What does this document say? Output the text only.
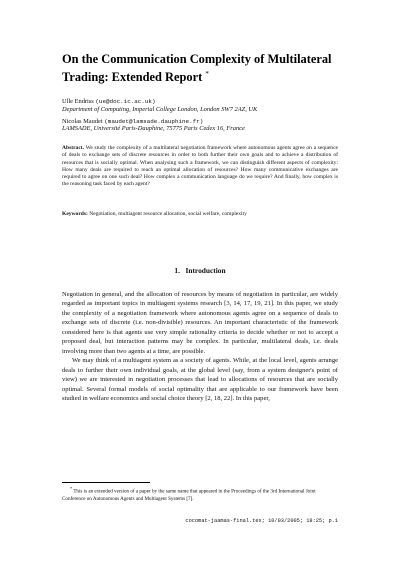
On the Communication Complexity of Multilateral Trading: Extended Report *
Ulle Endriss (ue@doc.ic.ac.uk)
Department of Computing, Imperial College London, London SW7 2AZ, UK
Nicolas Maudet (maudet@lamsade.dauphine.fr)
LAMSADE, Université Paris-Dauphine, 75775 Paris Cedex 16, France
Abstract. We study the complexity of a multilateral negotiation framework where autonomous agents agree on a sequence of deals to exchange sets of discrete resources in order to both further their own goals and to achieve a distribution of resources that is socially optimal. When analysing such a framework, we can distinguish different aspects of complexity: How many deals are required to reach an optimal allocation of resources? How many communicative exchanges are required to agree on one such deal? How complex a communication language do we require? And finally, how complex is the reasoning task faced by each agent?
Keywords: Negotiation, multiagent resource allocation, social welfare, complexity
1. Introduction

Negotiation in general, and the allocation of resources by means of negotiation in particular, are widely regarded as important topics in multiagent systems research [3, 14, 17, 19, 21]. In this paper, we study the complexity of a negotiation framework where autonomous agents agree on a sequence of deals to exchange sets of discrete (i.e. non-divisible) resources. An important characteristic of the framework considered here is that agents use very simple rationality criteria to decide whether or not to accept a proposed deal, but interaction patterns may be complex. In particular, multilateral deals, i.e. deals involving more than two agents at a time, are possible.

We may think of a multiagent system as a society of agents. While, at the local level, agents arrange deals to further their own individual goals, at the global level (say, from a system designer's point of view) we are interested in negotiation processes that lead to allocations of resources that are socially optimal. Several formal models of social optimality that are applicable to our framework have been studied in welfare economics and social choice theory [2, 18, 22]. In this paper,

* This is an extended version of a paper by the same name that appeared in the Proceedings of the 3rd International Joint Conference on Autonomous Agents and Multiagent Systems [7].
cocomat-jaamas-final.tex; 10/03/2005; 18:25; p.1
